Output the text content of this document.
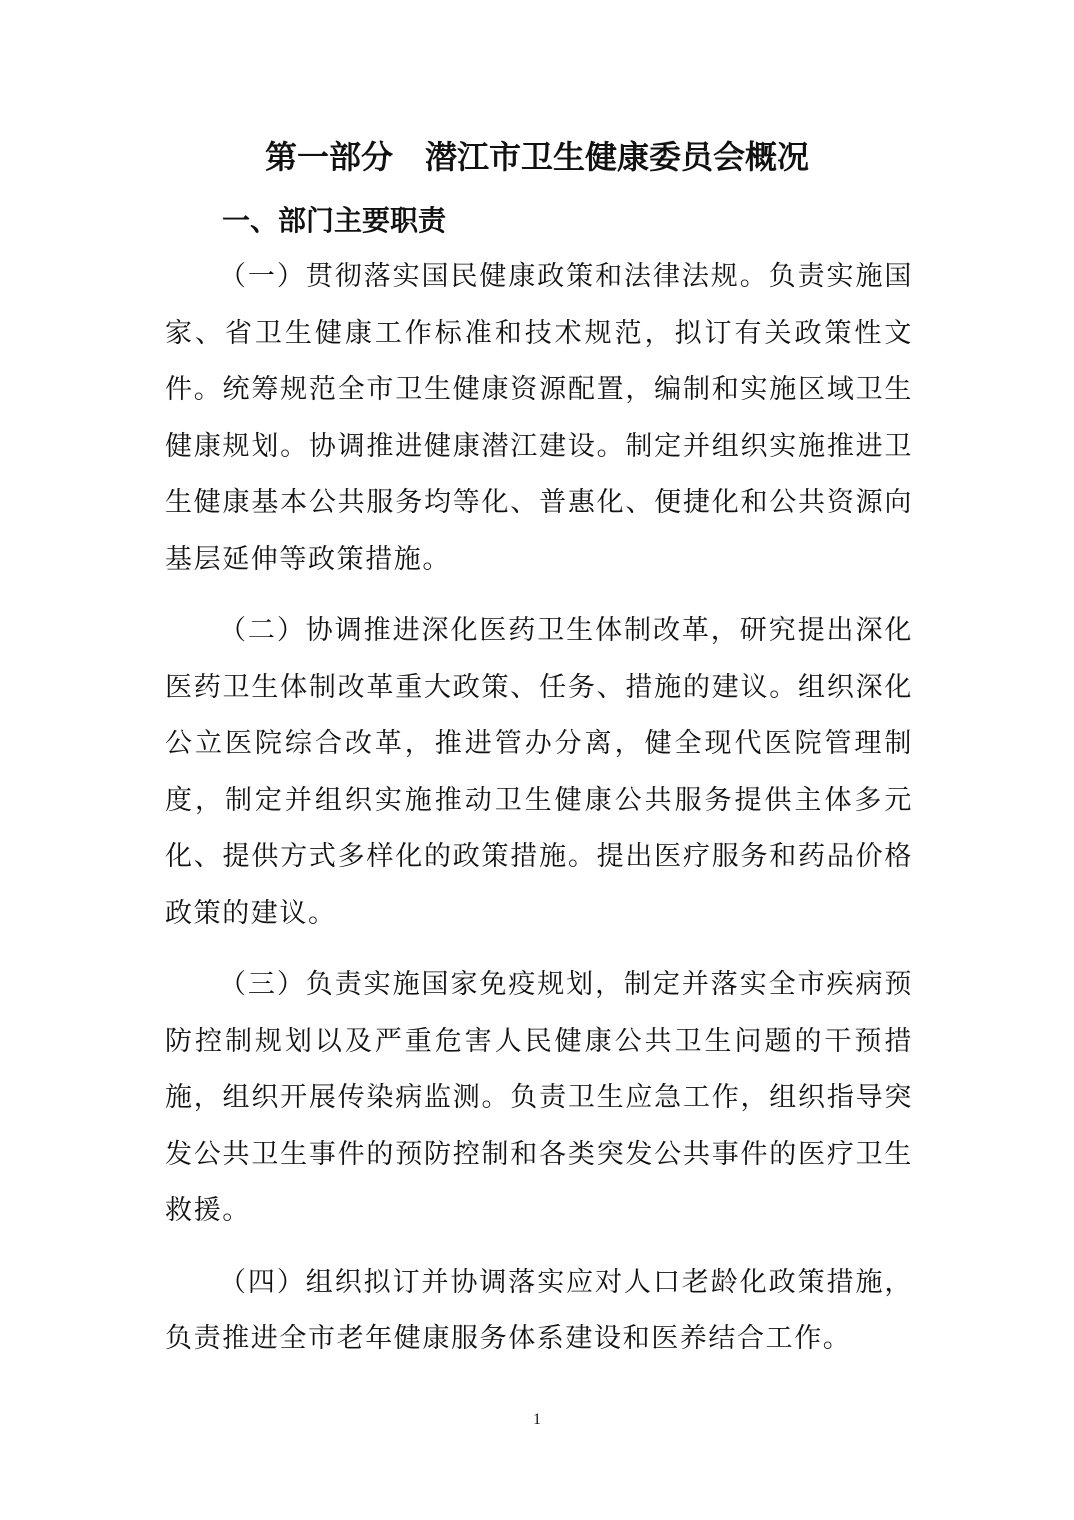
第一部分　潜江市卫生健康委员会概况
一、部门主要职责

（一）贯彻落实国民健康政策和法律法规。负责实施国家、省卫生健康工作标准和技术规范，拟订有关政策性文件。统筹规范全市卫生健康资源配置，编制和实施区域卫生健康规划。协调推进健康潜江建设。制定并组织实施推进卫生健康基本公共服务均等化、普惠化、便捷化和公共资源向基层延伸等政策措施。

（二）协调推进深化医药卫生体制改革，研究提出深化医药卫生体制改革重大政策、任务、措施的建议。组织深化公立医院综合改革，推进管办分离，健全现代医院管理制度，制定并组织实施推动卫生健康公共服务提供主体多元化、提供方式多样化的政策措施。提出医疗服务和药品价格政策的建议。

（三）负责实施国家免疫规划，制定并落实全市疾病预防控制规划以及严重危害人民健康公共卫生问题的干预措施，组织开展传染病监测。负责卫生应急工作，组织指导突发公共卫生事件的预防控制和各类突发公共事件的医疗卫生救援。

（四）组织拟订并协调落实应对人口老龄化政策措施，负责推进全市老年健康服务体系建设和医养结合工作。

1
